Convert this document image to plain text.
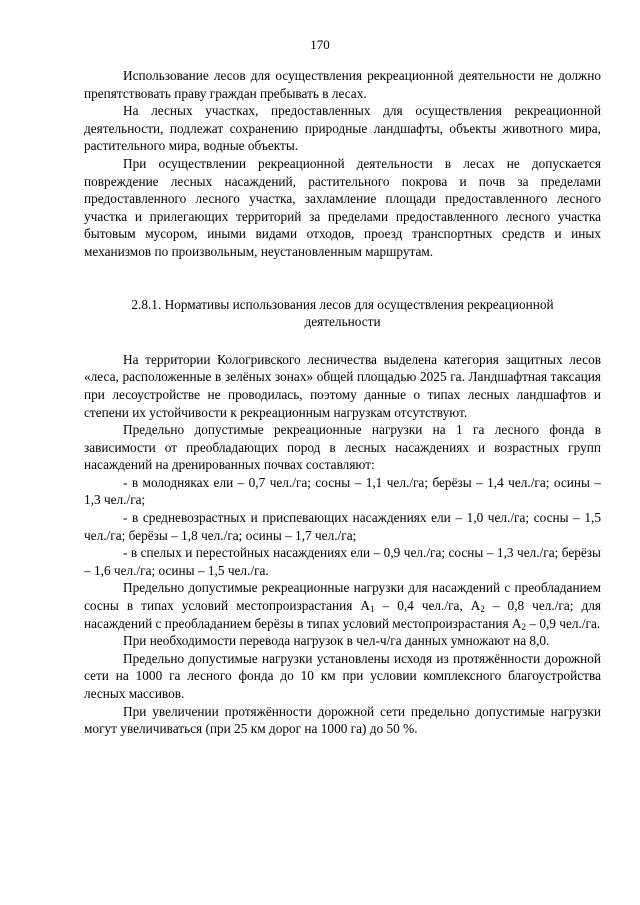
170

Использование лесов для осуществления рекреационной деятельности не должно препятствовать праву граждан пребывать в лесах.

На лесных участках, предоставленных для осуществления рекреационной деятельности, подлежат сохранению природные ландшафты, объекты животного мира, растительного мира, водные объекты.

При осуществлении рекреационной деятельности в лесах не допускается повреждение лесных насаждений, растительного покрова и почв за пределами предоставленного лесного участка, захламление площади предоставленного лесного участка и прилегающих территорий за пределами предоставленного лесного участка бытовым мусором, иными видами отходов, проезд транспортных средств и иных механизмов по произвольным, неустановленным маршрутам.

2.8.1. Нормативы использования лесов для осуществления рекреационной деятельности

На территории Кологривского лесничества выделена категория защитных лесов «леса, расположенные в зелёных зонах» общей площадью 2025 га. Ландшафтная таксация при лесоустройстве не проводилась, поэтому данные о типах лесных ландшафтов и степени их устойчивости к рекреационным нагрузкам отсутствуют.

Предельно допустимые рекреационные нагрузки на 1 га лесного фонда в зависимости от преобладающих пород в лесных насаждениях и возрастных групп насаждений на дренированных почвах составляют:

- в молодняках ели – 0,7 чел./га; сосны – 1,1 чел./га; берёзы – 1,4 чел./га; осины – 1,3 чел./га;

- в средневозрастных и приспевающих насаждениях ели – 1,0 чел./га; сосны – 1,5 чел./га; берёзы – 1,8 чел./га; осины – 1,7 чел./га;

- в спелых и перестойных насаждениях ели – 0,9 чел./га; сосны – 1,3 чел./га; берёзы – 1,6 чел./га; осины – 1,5 чел./га.

Предельно допустимые рекреационные нагрузки для насаждений с преобладанием сосны в типах условий местопроизрастания $А_1 - 0,4$ чел./га, $А_2 - 0,8$ чел./га; для насаждений с преобладанием берёзы в типах условий местопроизрастания $А_2 - 0,9$ чел./га.

При необходимости перевода нагрузок в чел-ч/га данных умножают на 8,0.

Предельно допустимые нагрузки установлены исходя из протяжённости дорожной сети на 1000 га лесного фонда до 10 км при условии комплексного благоустройства лесных массивов.

При увеличении протяжённости дорожной сети предельно допустимые нагрузки могут увеличиваться (при 25 км дорог на 1000 га) до 50 %.
